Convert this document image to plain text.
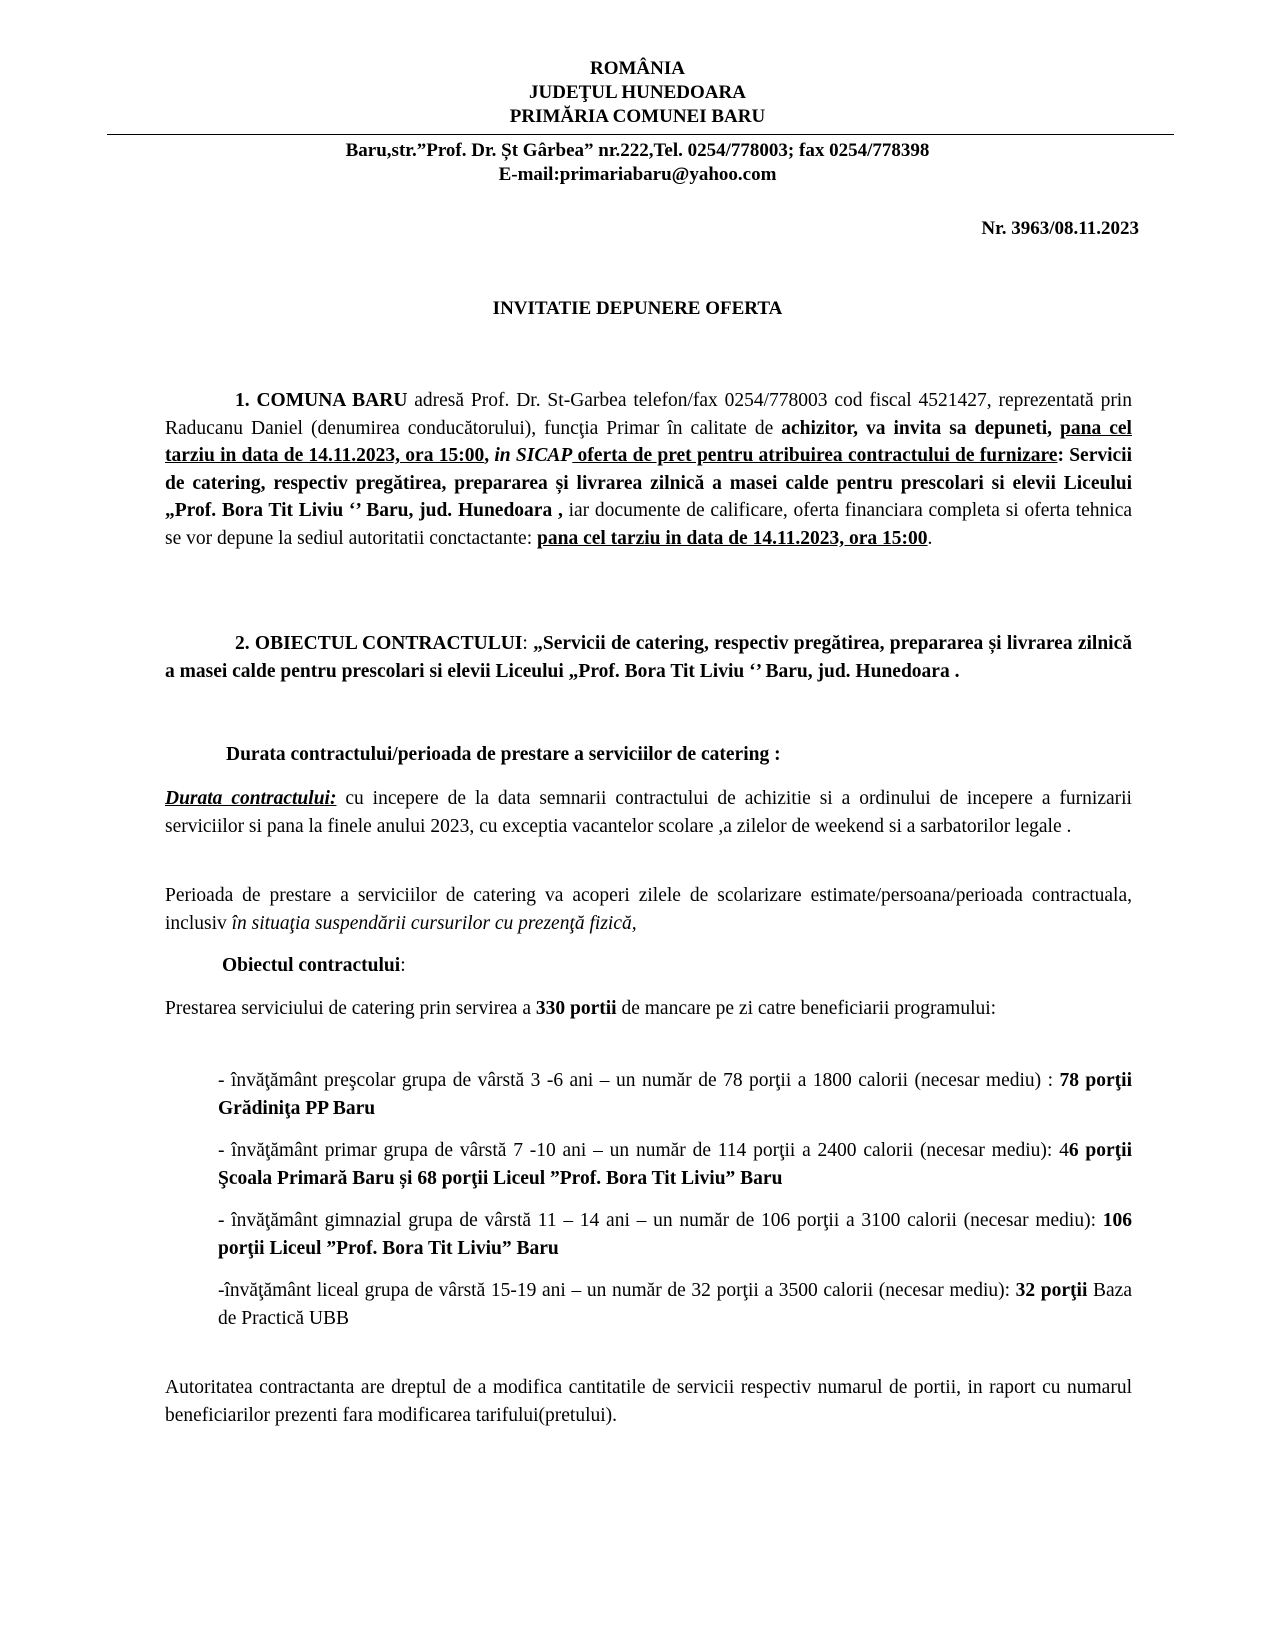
ROMÂNIA
JUDEŢUL HUNEDOARA
PRIMĂRIA COMUNEI BARU
Baru,str.”Prof. Dr. Șt Gârbea” nr.222,Tel. 0254/778003; fax 0254/778398
E-mail:primariabaru@yahoo.com
Nr. 3963/08.11.2023
INVITATIE DEPUNERE OFERTA
1. COMUNA BARU adresă Prof. Dr. St-Garbea telefon/fax 0254/778003 cod fiscal 4521427, reprezentată prin Raducanu Daniel (denumirea conducătorului), funcţia Primar în calitate de achizitor, va invita sa depuneti, pana cel tarziu in data de 14.11.2023, ora 15:00, in SICAP oferta de pret pentru atribuirea contractului de furnizare: Servicii de catering, respectiv pregătirea, prepararea și livrarea zilnică a masei calde pentru prescolari si elevii Liceului „Prof. Bora Tit Liviu ‘’ Baru, jud. Hunedoara , iar documente de calificare, oferta financiara completa si oferta tehnica se vor depune la sediul autoritatii conctactante: pana cel tarziu in data de 14.11.2023, ora 15:00.
2. OBIECTUL CONTRACTULUI: „Servicii de catering, respectiv pregătirea, prepararea și livrarea zilnică a masei calde pentru prescolari si elevii Liceului „Prof. Bora Tit Liviu ‘’ Baru, jud. Hunedoara .
Durata contractului/perioada de prestare a serviciilor de catering :
Durata contractului: cu incepere de la data semnarii contractului de achizitie si a ordinului de incepere a furnizarii serviciilor si pana la finele anului 2023, cu exceptia vacantelor scolare ,a zilelor de weekend si a sarbatorilor legale .
Perioada de prestare a serviciilor de catering va acoperi zilele de scolarizare estimate/persoana/perioada contractuala, inclusiv în situaţia suspendării cursurilor cu prezenţă fizică,
Obiectul contractului:
Prestarea serviciului de catering prin servirea a 330 portii de mancare pe zi catre beneficiarii programului:
- învăţământ preşcolar grupa de vârstă 3 -6 ani – un număr de 78 porţii a 1800 calorii (necesar mediu) : 78 porţii Grădiniţa PP Baru
- învăţământ primar grupa de vârstă 7 -10 ani – un număr de 114 porţii a 2400 calorii (necesar mediu): 46 porţii Şcoala Primară Baru și 68 porţii Liceul ”Prof. Bora Tit Liviu” Baru
- învăţământ gimnazial grupa de vârstă 11 – 14 ani – un număr de 106 porţii a 3100 calorii (necesar mediu): 106 porţii Liceul ”Prof. Bora Tit Liviu” Baru
-învăţământ liceal grupa de vârstă 15-19 ani – un număr de 32 porţii a 3500 calorii (necesar mediu): 32 porţii Baza de Practică UBB
Autoritatea contractanta are dreptul de a modifica cantitatile de servicii respectiv numarul de portii, in raport cu numarul beneficiarilor prezenti fara modificarea tarifului(pretului).
